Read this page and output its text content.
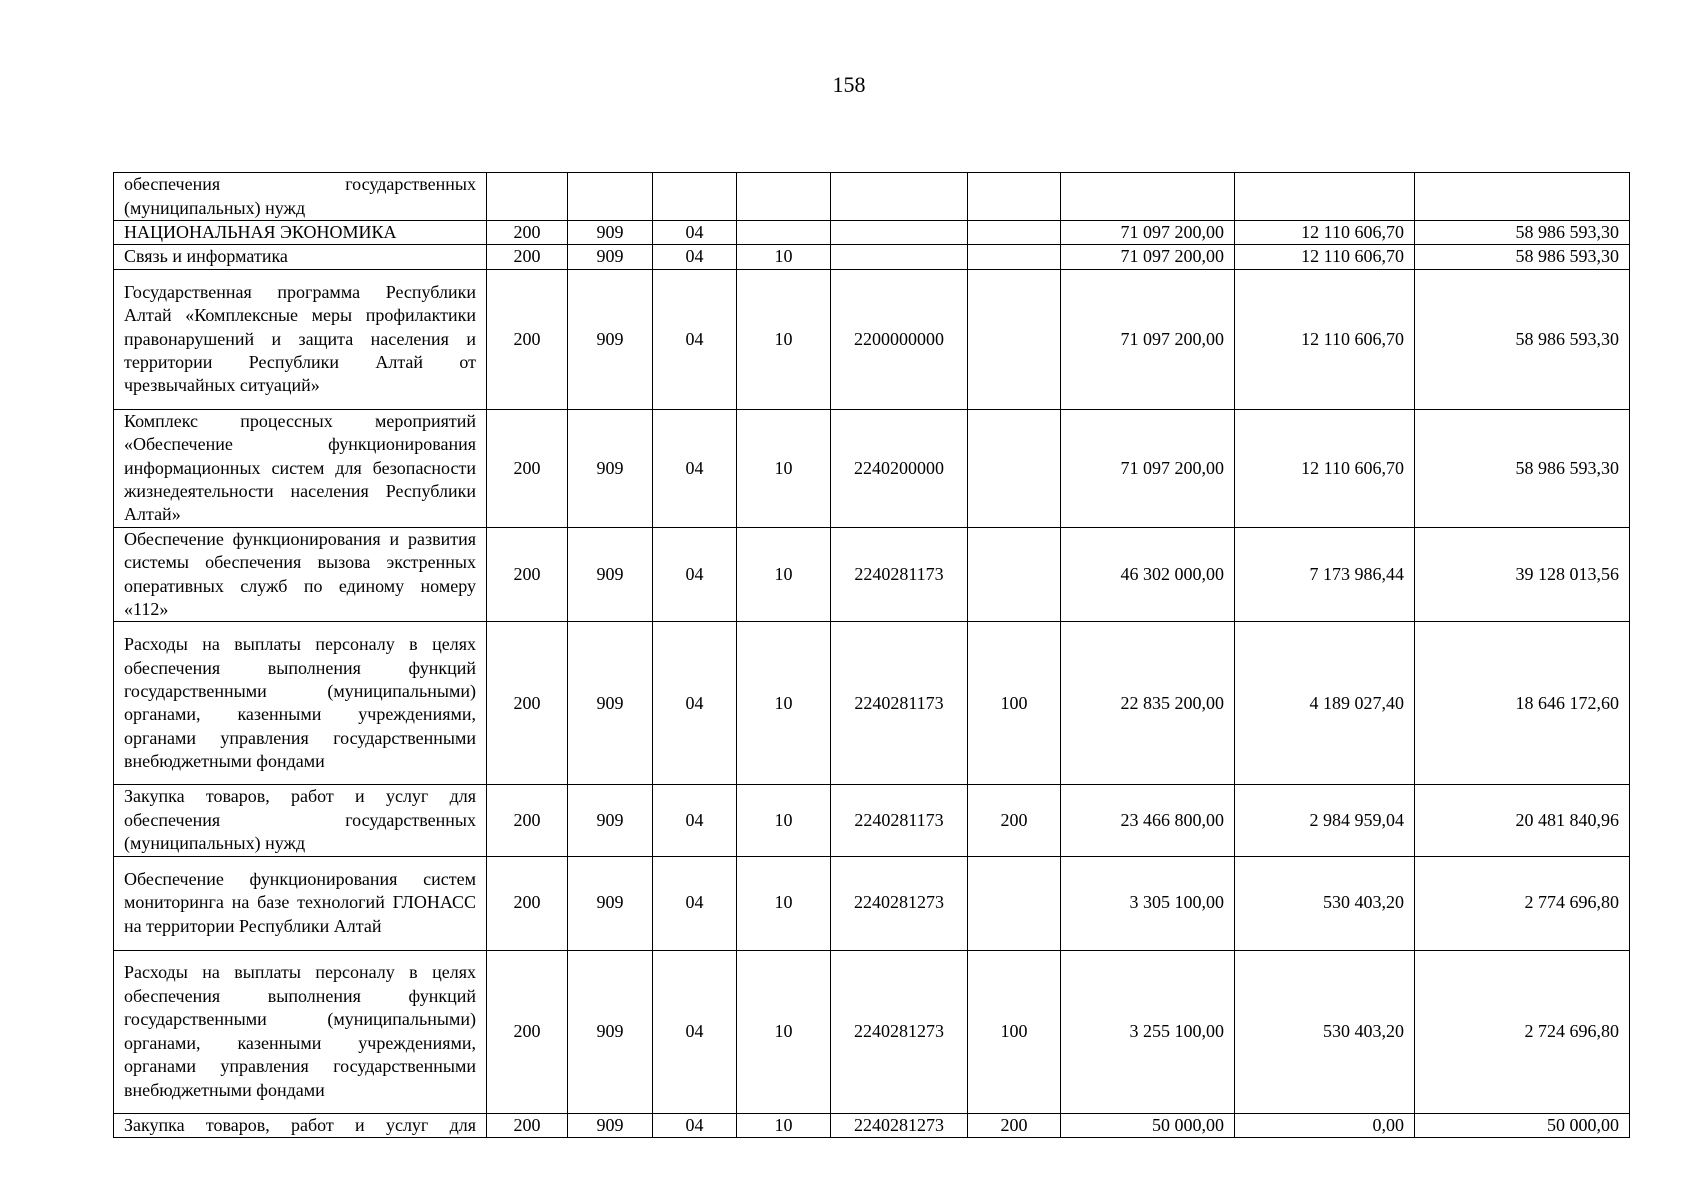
158
обеспечения государственных (муниципальных) нужд									
НАЦИОНАЛЬНАЯ ЭКОНОМИКА	200	909	04				71 097 200,00	12 110 606,70	58 986 593,30
Связь и информатика	200	909	04	10			71 097 200,00	12 110 606,70	58 986 593,30
Государственная программа Республики Алтай «Комплексные меры профилактики правонарушений и защита населения и территории Республики Алтай от чрезвычайных ситуаций»	200	909	04	10	2200000000		71 097 200,00	12 110 606,70	58 986 593,30
Комплекс процессных мероприятий «Обеспечение функционирования информационных систем для безопасности жизнедеятельности населения Республики Алтай»	200	909	04	10	2240200000		71 097 200,00	12 110 606,70	58 986 593,30
Обеспечение функционирования и развития системы обеспечения вызова экстренных оперативных служб по единому номеру «112»	200	909	04	10	2240281173		46 302 000,00	7 173 986,44	39 128 013,56
Расходы на выплаты персоналу в целях обеспечения выполнения функций государственными (муниципальными) органами, казенными учреждениями, органами управления государственными внебюджетными фондами	200	909	04	10	2240281173	100	22 835 200,00	4 189 027,40	18 646 172,60
Закупка товаров, работ и услуг для обеспечения государственных (муниципальных) нужд	200	909	04	10	2240281173	200	23 466 800,00	2 984 959,04	20 481 840,96
Обеспечение функционирования систем мониторинга на базе технологий ГЛОНАСС на территории Республики Алтай	200	909	04	10	2240281273		3 305 100,00	530 403,20	2 774 696,80
Расходы на выплаты персоналу в целях обеспечения выполнения функций государственными (муниципальными) органами, казенными учреждениями, органами управления государственными внебюджетными фондами	200	909	04	10	2240281273	100	3 255 100,00	530 403,20	2 724 696,80
Закупка товаров, работ и услуг для	200	909	04	10	2240281273	200	50 000,00	0,00	50 000,00
